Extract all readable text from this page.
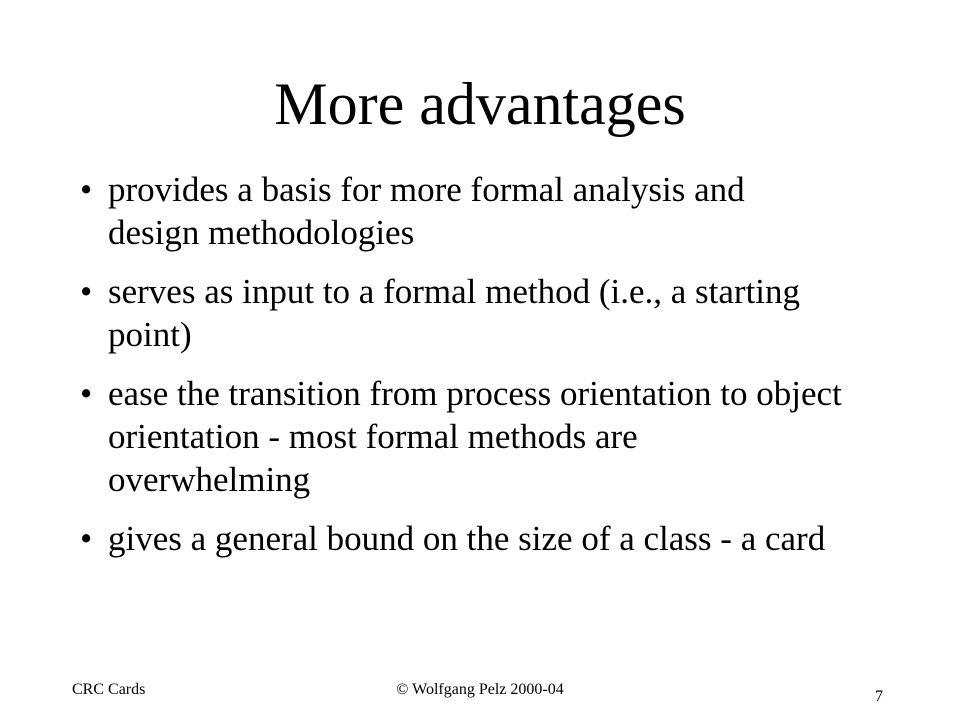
More advantages
• provides a basis for more formal analysis and design methodologies
• serves as input to a formal method (i.e., a starting point)
• ease the transition from process orientation to object orientation - most formal methods are overwhelming
• gives a general bound on the size of a class - a card
CRC Cards	© Wolfgang Pelz 2000-04	7
